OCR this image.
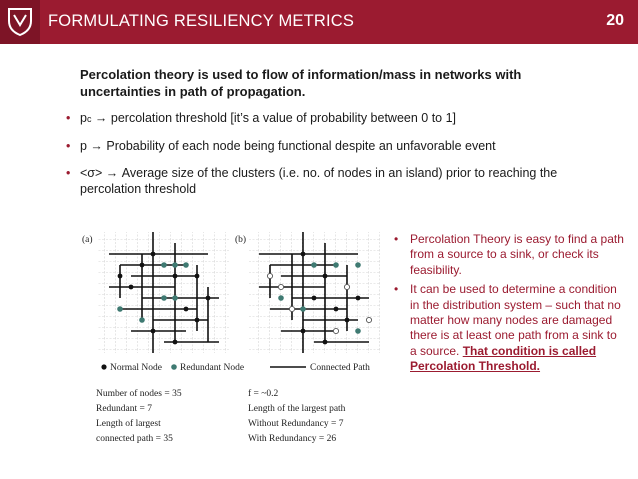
FORMULATING RESILIENCY METRICS	20
Percolation theory is used to flow of information/mass in networks with uncertainties in path of propagation.
• pc → percolation threshold [it’s a value of probability between 0 to 1]
• p → Probability of each node being functional despite an unfavorable event
• <σ> → Average size of the clusters (i.e. no. of nodes in an island) prior to reaching the percolation threshold
(a)	(b)
Normal Node Redundant Node	Connected Path
Number of nodes = 35
Redundant = 7
Length of largest
connected path = 35
f = ~0.2
Length of the largest path
Without Redundancy = 7
With Redundancy = 26
• Percolation Theory is easy to find a path from a source to a sink, or check its feasibility.
• It can be used to determine a condition in the distribution system – such that no matter how many nodes are damaged there is at least one path from a sink to a source. That condition is called Percolation Threshold.
